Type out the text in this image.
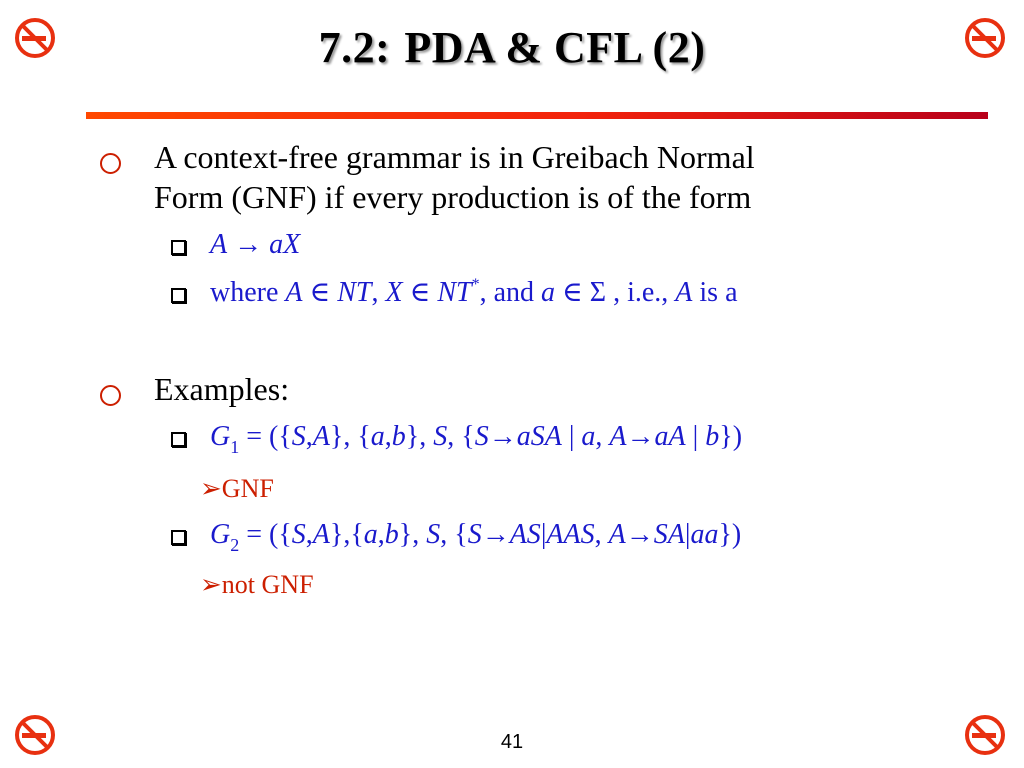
7.2: PDA & CFL (2)
A context-free grammar is in Greibach Normal
Form (GNF) if every production is of the form
A → aX
where A ∈ NT, X ∈ NT*, and a ∈ Σ , i.e., A is a
Examples:
$G_1 = (\{S,A\}$, {a,b}, S, {S→aSA | a, A→aA | b})
➢GNF
$G_2 = (\{S,A\},\{a,b\}$, S, {S→AS|AAS, A→SA|aa})
➢not GNF
41
